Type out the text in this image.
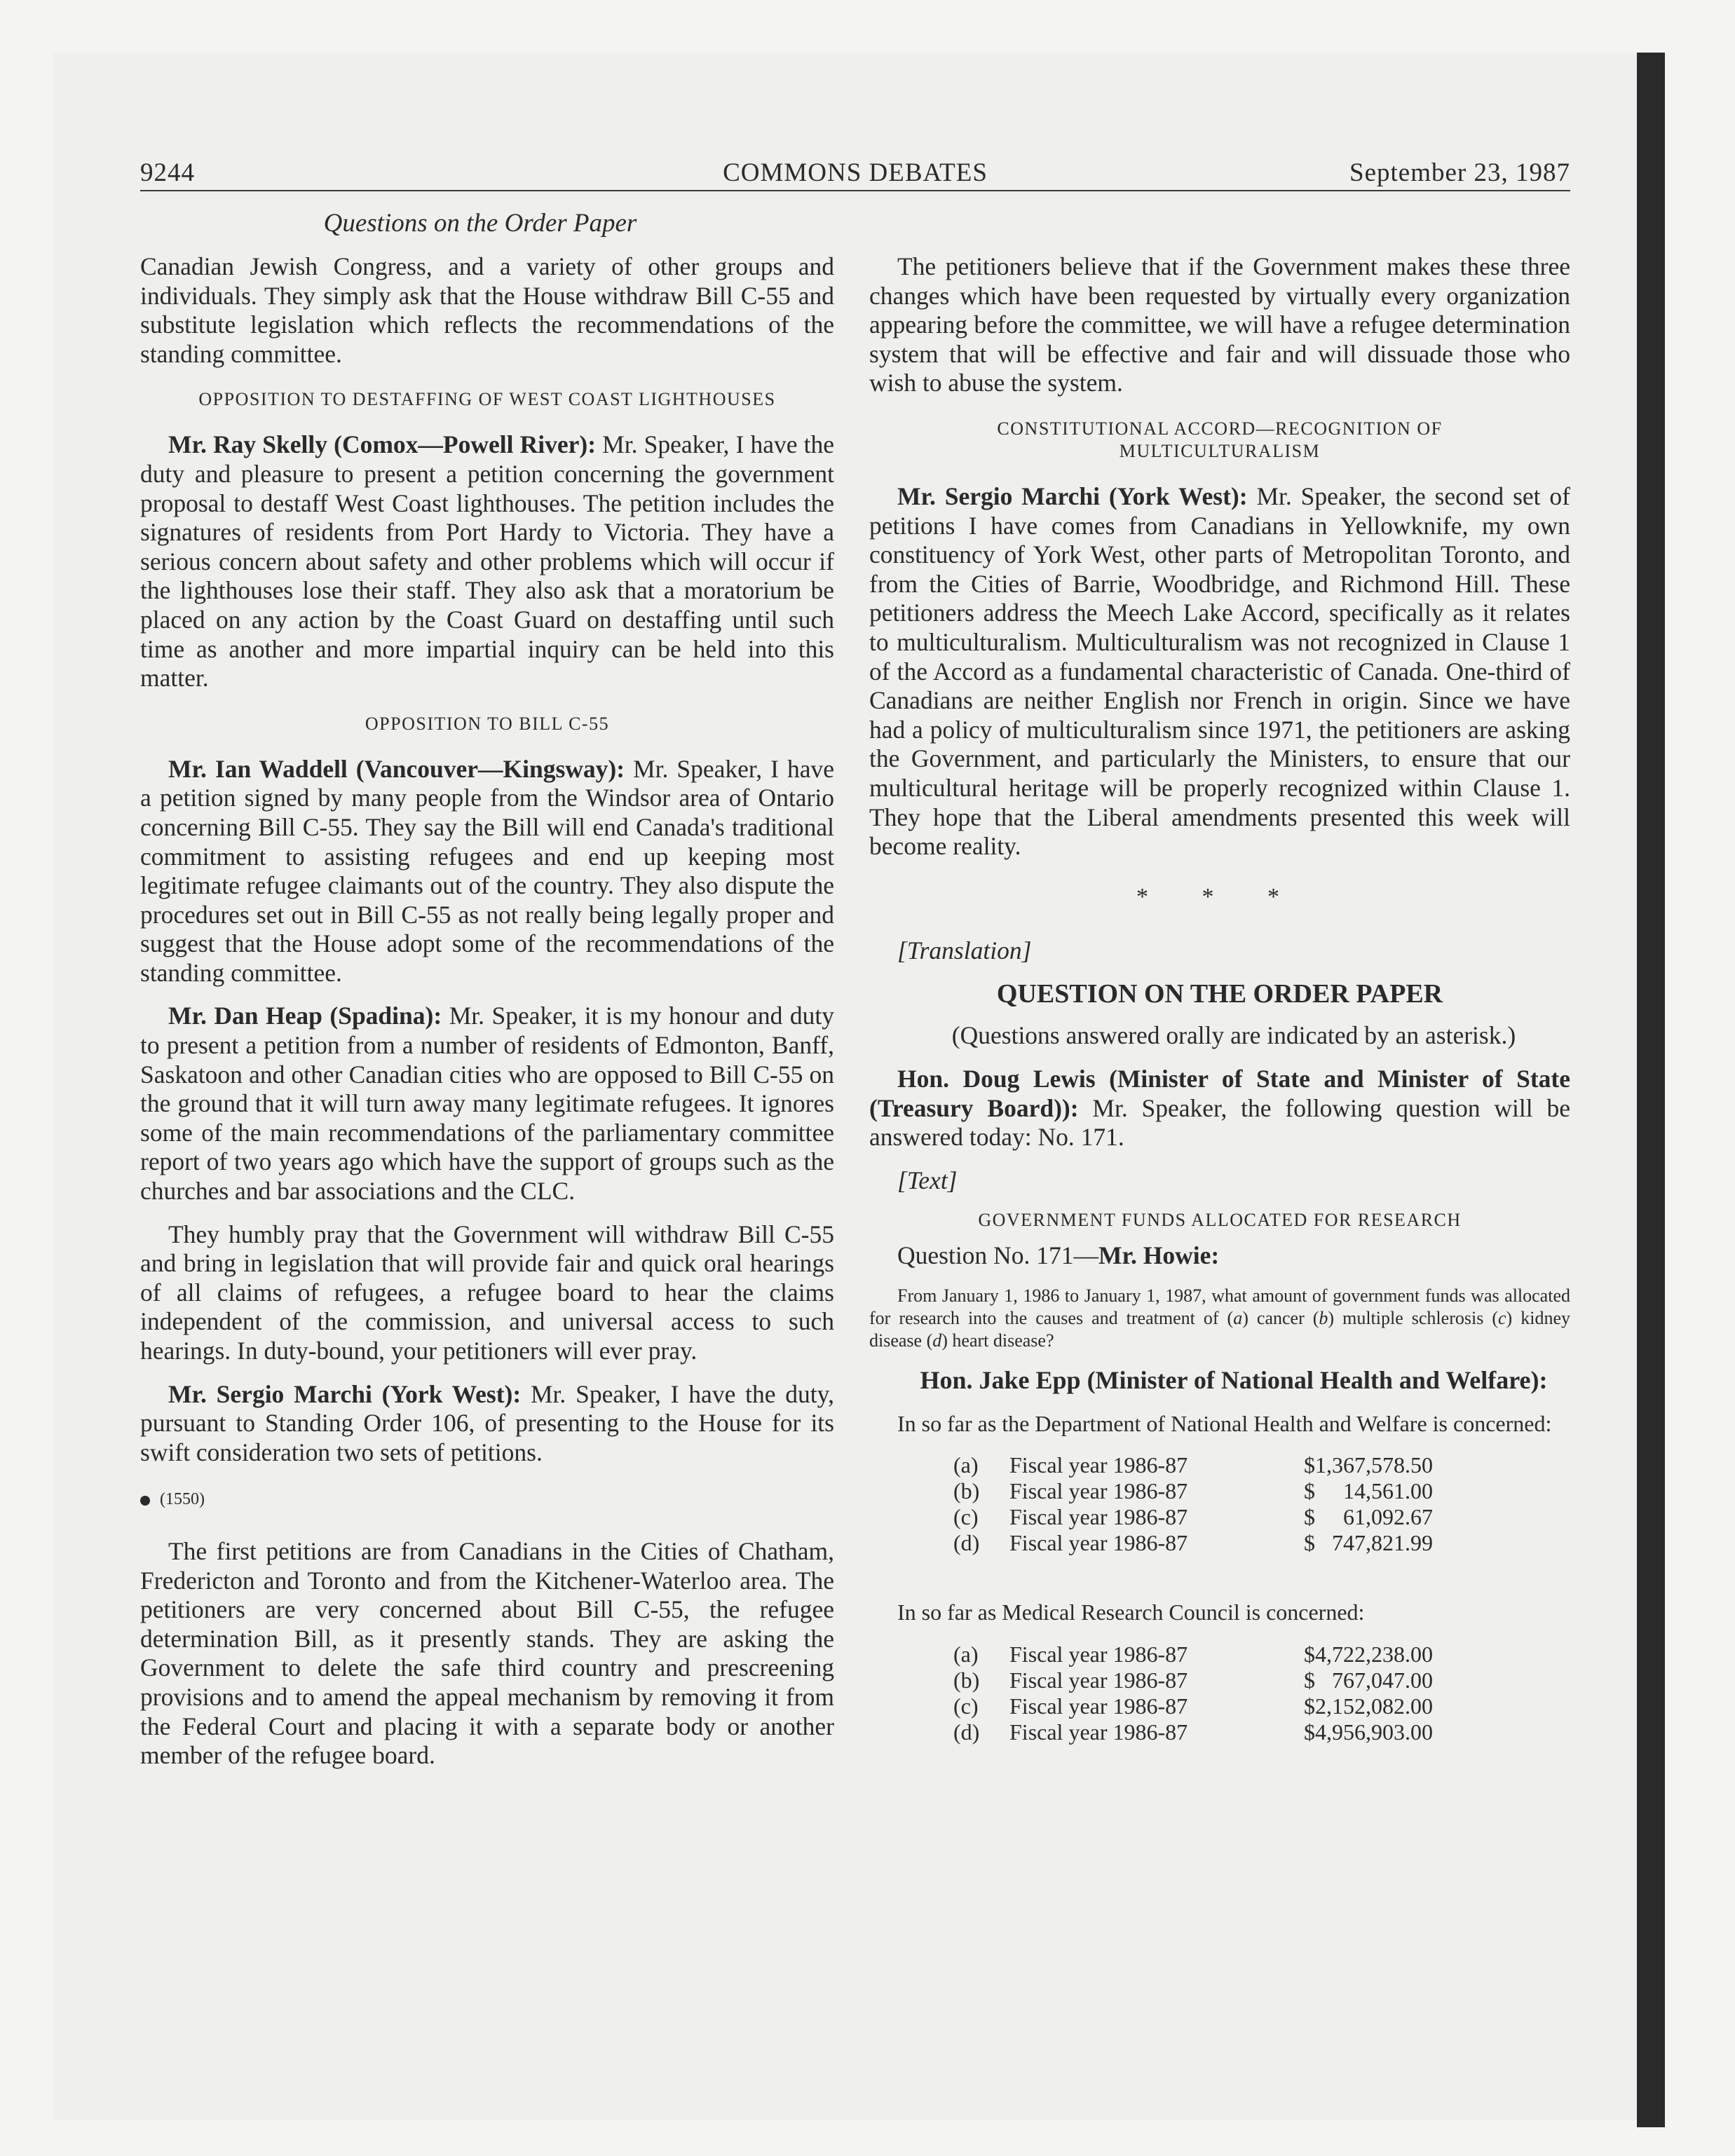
9244	COMMONS DEBATES	September 23, 1987
Questions on the Order Paper

Canadian Jewish Congress, and a variety of other groups and individuals. They simply ask that the House withdraw Bill C-55 and substitute legislation which reflects the recommendations of the standing committee.

OPPOSITION TO DESTAFFING OF WEST COAST LIGHTHOUSES

Mr. Ray Skelly (Comox—Powell River): Mr. Speaker, I have the duty and pleasure to present a petition concerning the government proposal to destaff West Coast lighthouses. The petition includes the signatures of residents from Port Hardy to Victoria. They have a serious concern about safety and other problems which will occur if the lighthouses lose their staff. They also ask that a moratorium be placed on any action by the Coast Guard on destaffing until such time as another and more impartial inquiry can be held into this matter.

OPPOSITION TO BILL C-55

Mr. Ian Waddell (Vancouver—Kingsway): Mr. Speaker, I have a petition signed by many people from the Windsor area of Ontario concerning Bill C-55. They say the Bill will end Canada's traditional commitment to assisting refugees and end up keeping most legitimate refugee claimants out of the country. They also dispute the procedures set out in Bill C-55 as not really being legally proper and suggest that the House adopt some of the recommendations of the standing committee.

Mr. Dan Heap (Spadina): Mr. Speaker, it is my honour and duty to present a petition from a number of residents of Edmonton, Banff, Saskatoon and other Canadian cities who are opposed to Bill C-55 on the ground that it will turn away many legitimate refugees. It ignores some of the main recommendations of the parliamentary committee report of two years ago which have the support of groups such as the churches and bar associations and the CLC.

They humbly pray that the Government will withdraw Bill C-55 and bring in legislation that will provide fair and quick oral hearings of all claims of refugees, a refugee board to hear the claims independent of the commission, and universal access to such hearings. In duty-bound, your petitioners will ever pray.

Mr. Sergio Marchi (York West): Mr. Speaker, I have the duty, pursuant to Standing Order 106, of presenting to the House for its swift consideration two sets of petitions.

(1550)

The first petitions are from Canadians in the Cities of Chatham, Fredericton and Toronto and from the Kitchener-Waterloo area. The petitioners are very concerned about Bill C-55, the refugee determination Bill, as it presently stands. They are asking the Government to delete the safe third country and prescreening provisions and to amend the appeal mechanism by removing it from the Federal Court and placing it with a separate body or another member of the refugee board.

The petitioners believe that if the Government makes these three changes which have been requested by virtually every organization appearing before the committee, we will have a refugee determination system that will be effective and fair and will dissuade those who wish to abuse the system.

CONSTITUTIONAL ACCORD—RECOGNITION OF
MULTICULTURALISM

Mr. Sergio Marchi (York West): Mr. Speaker, the second set of petitions I have comes from Canadians in Yellowknife, my own constituency of York West, other parts of Metropolitan Toronto, and from the Cities of Barrie, Woodbridge, and Richmond Hill. These petitioners address the Meech Lake Accord, specifically as it relates to multiculturalism. Multiculturalism was not recognized in Clause 1 of the Accord as a fundamental characteristic of Canada. One-third of Canadians are neither English nor French in origin. Since we have had a policy of multiculturalism since 1971, the petitioners are asking the Government, and particularly the Ministers, to ensure that our multicultural heritage will be properly recognized within Clause 1. They hope that the Liberal amendments presented this week will become reality.

* * *

[Translation]

QUESTION ON THE ORDER PAPER

(Questions answered orally are indicated by an asterisk.)

Hon. Doug Lewis (Minister of State and Minister of State (Treasury Board)): Mr. Speaker, the following question will be answered today: No. 171.

[Text]

GOVERNMENT FUNDS ALLOCATED FOR RESEARCH

Question No. 171—Mr. Howie:

From January 1, 1986 to January 1, 1987, what amount of government funds was allocated for research into the causes and treatment of (a) cancer (b) multiple schlerosis (c) kidney disease (d) heart disease?

Hon. Jake Epp (Minister of National Health and Welfare):

In so far as the Department of National Health and Welfare is concerned:

(a)	Fiscal year 1986-87	$1,367,578.50
(b)	Fiscal year 1986-87	$     14,561.00
(c)	Fiscal year 1986-87	$     61,092.67
(d)	Fiscal year 1986-87	$   747,821.99

In so far as Medical Research Council is concerned:

(a)	Fiscal year 1986-87	$4,722,238.00
(b)	Fiscal year 1986-87	$   767,047.00
(c)	Fiscal year 1986-87	$2,152,082.00
(d)	Fiscal year 1986-87	$4,956,903.00
